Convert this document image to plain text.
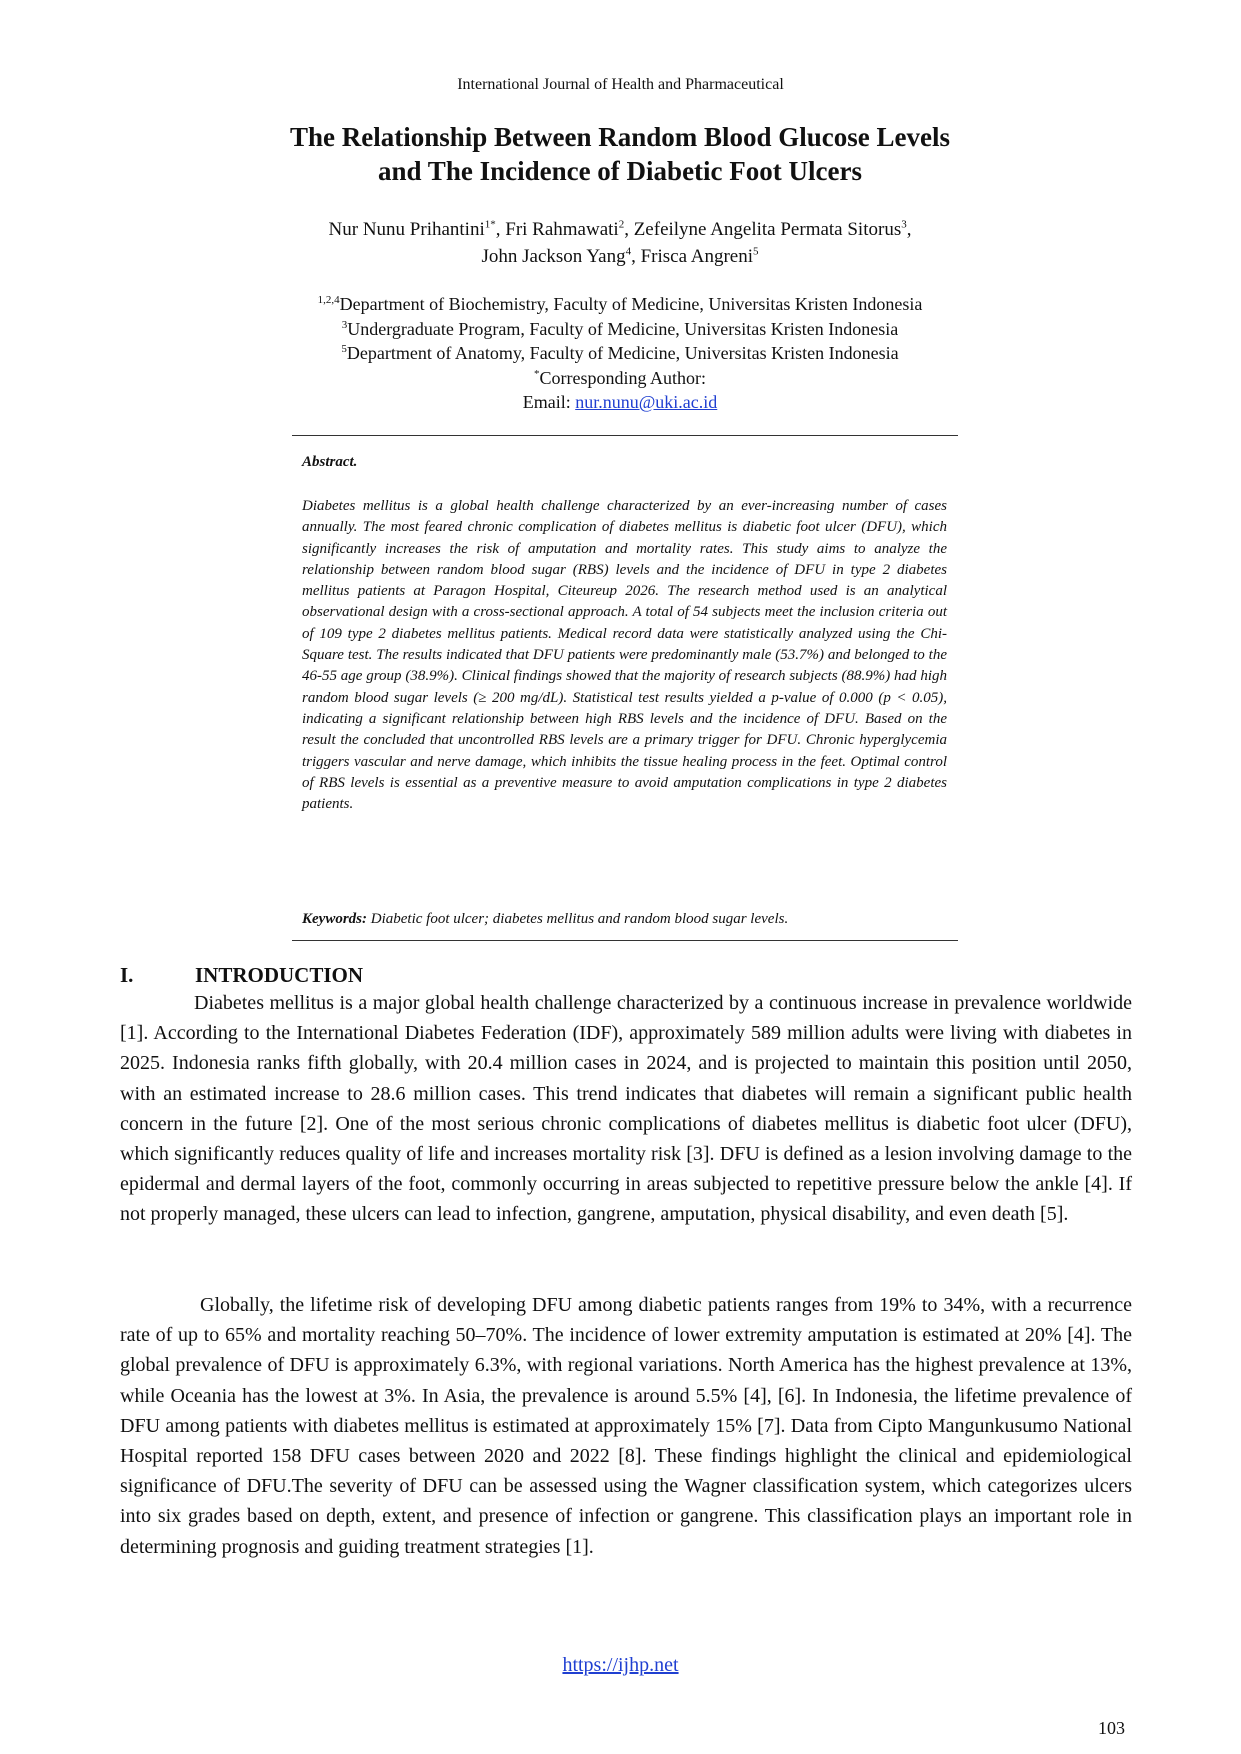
International Journal of Health and Pharmaceutical
The Relationship Between Random Blood Glucose Levels
and The Incidence of Diabetic Foot Ulcers
Nur Nunu Prihantini$^{1*}$, Fri Rahmawati$^2$, Zefeilyne Angelita Permata Sitorus$^3$,
John Jackson Yang$^4$, Frisca Angreni$^5$
$^{1,2,4}$Department of Biochemistry, Faculty of Medicine, Universitas Kristen Indonesia
$^3$Undergraduate Program, Faculty of Medicine, Universitas Kristen Indonesia
$^5$Department of Anatomy, Faculty of Medicine, Universitas Kristen Indonesia
*Corresponding Author:
Email: nur.nunu@uki.ac.id
Abstract.

Diabetes mellitus is a global health challenge characterized by an ever-increasing number of cases annually. The most feared chronic complication of diabetes mellitus is diabetic foot ulcer (DFU), which significantly increases the risk of amputation and mortality rates. This study aims to analyze the relationship between random blood sugar (RBS) levels and the incidence of DFU in type 2 diabetes mellitus patients at Paragon Hospital, Citeureup 2026. The research method used is an analytical observational design with a cross-sectional approach. A total of 54 subjects meet the inclusion criteria out of 109 type 2 diabetes mellitus patients. Medical record data were statistically analyzed using the Chi-Square test. The results indicated that DFU patients were predominantly male (53.7%) and belonged to the 46-55 age group (38.9%). Clinical findings showed that the majority of research subjects (88.9%) had high random blood sugar levels (≥ 200 mg/dL). Statistical test results yielded a p-value of 0.000 (p < 0.05), indicating a significant relationship between high RBS levels and the incidence of DFU. Based on the result the concluded that uncontrolled RBS levels are a primary trigger for DFU. Chronic hyperglycemia triggers vascular and nerve damage, which inhibits the tissue healing process in the feet. Optimal control of RBS levels is essential as a preventive measure to avoid amputation complications in type 2 diabetes patients.

Keywords: Diabetic foot ulcer; diabetes mellitus and random blood sugar levels.
I.	INTRODUCTION

Diabetes mellitus is a major global health challenge characterized by a continuous increase in prevalence worldwide [1]. According to the International Diabetes Federation (IDF), approximately 589 million adults were living with diabetes in 2025. Indonesia ranks fifth globally, with 20.4 million cases in 2024, and is projected to maintain this position until 2050, with an estimated increase to 28.6 million cases. This trend indicates that diabetes will remain a significant public health concern in the future [2]. One of the most serious chronic complications of diabetes mellitus is diabetic foot ulcer (DFU), which significantly reduces quality of life and increases mortality risk [3]. DFU is defined as a lesion involving damage to the epidermal and dermal layers of the foot, commonly occurring in areas subjected to repetitive pressure below the ankle [4]. If not properly managed, these ulcers can lead to infection, gangrene, amputation, physical disability, and even death [5].

Globally, the lifetime risk of developing DFU among diabetic patients ranges from 19% to 34%, with a recurrence rate of up to 65% and mortality reaching 50–70%. The incidence of lower extremity amputation is estimated at 20% [4]. The global prevalence of DFU is approximately 6.3%, with regional variations. North America has the highest prevalence at 13%, while Oceania has the lowest at 3%. In Asia, the prevalence is around 5.5% [4], [6]. In Indonesia, the lifetime prevalence of DFU among patients with diabetes mellitus is estimated at approximately 15% [7]. Data from Cipto Mangunkusumo National Hospital reported 158 DFU cases between 2020 and 2022 [8]. These findings highlight the clinical and epidemiological significance of DFU.The severity of DFU can be assessed using the Wagner classification system, which categorizes ulcers into six grades based on depth, extent, and presence of infection or gangrene. This classification plays an important role in determining prognosis and guiding treatment strategies [1].

https://ijhp.net
103
